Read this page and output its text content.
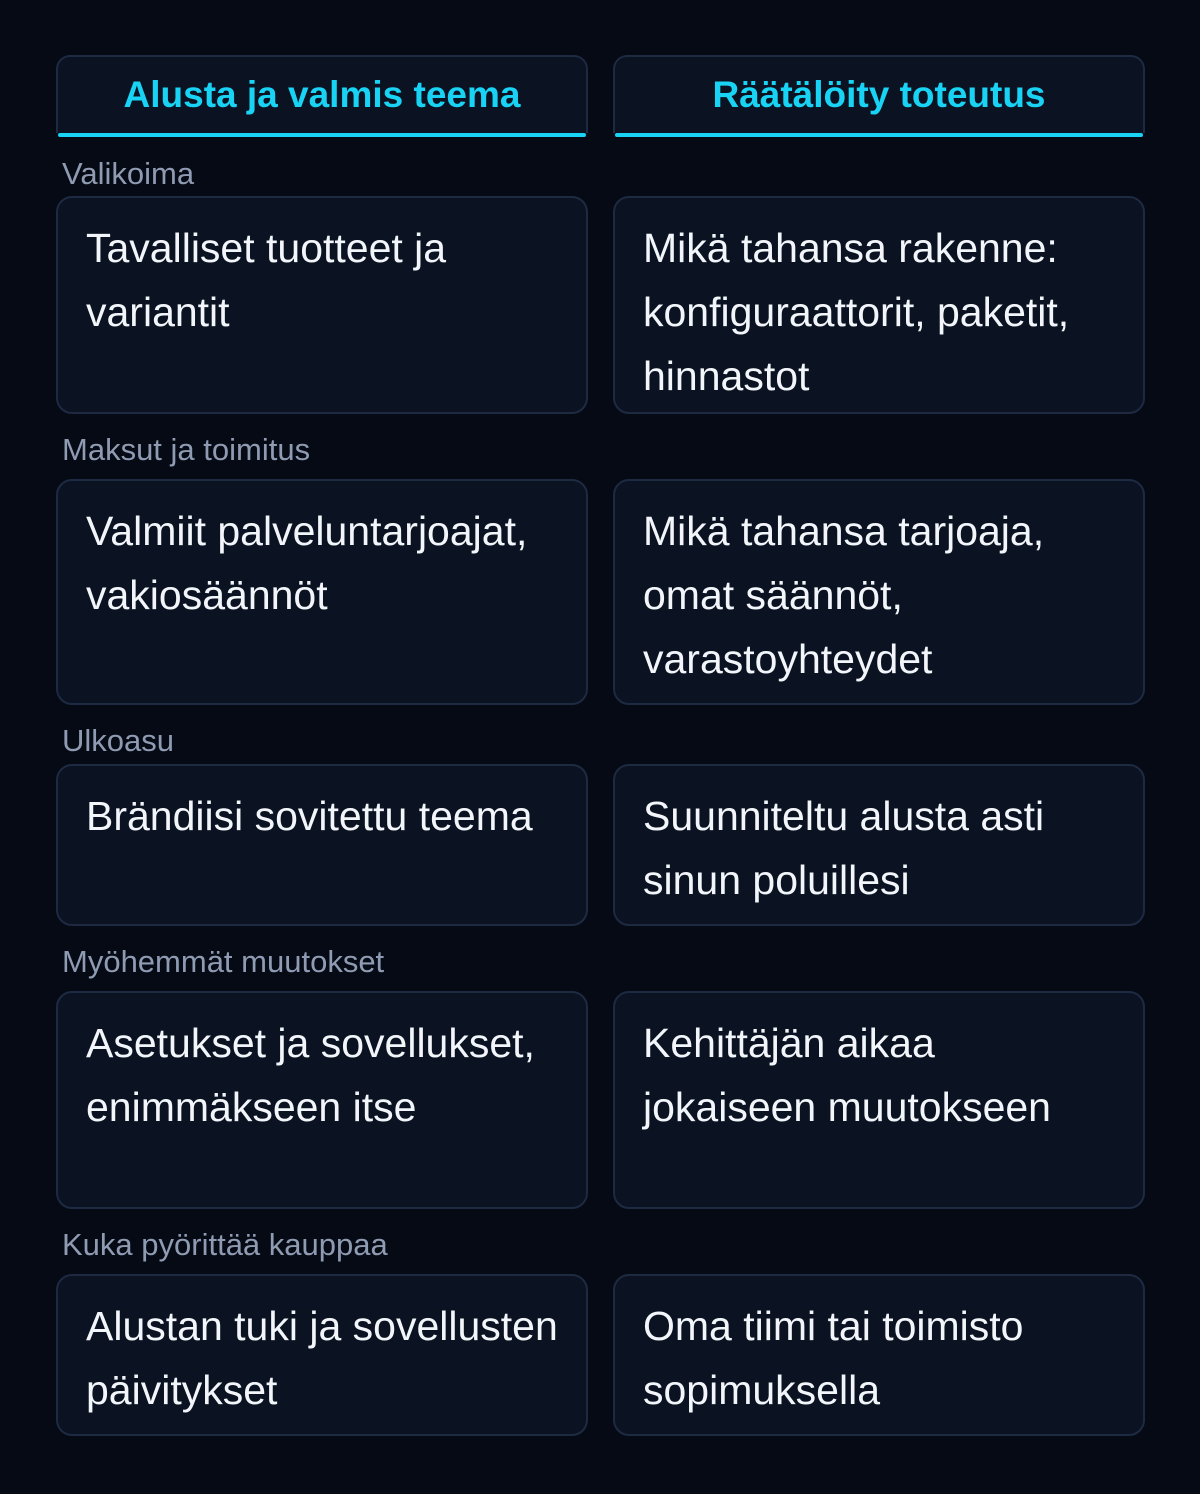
Alusta ja valmis teema	Räätälöity toteutus
Valikoima
Tavalliset tuotteet ja variantit
Mikä tahansa rakenne: konfiguraattorit, paketit, hinnastot
Maksut ja toimitus
Valmiit palveluntarjoajat, vakiosäännöt
Mikä tahansa tarjoaja, omat säännöt, varastoyhteydet
Ulkoasu
Brändiisi sovitettu teema	Suunniteltu alusta asti sinun poluillesi
Myöhemmät muutokset
Asetukset ja sovellukset, enimmäkseen itse
Kehittäjän aikaa jokaiseen muutokseen
Kuka pyörittää kauppaa
Alustan tuki ja sovellusten päivitykset
Oma tiimi tai toimisto sopimuksella
